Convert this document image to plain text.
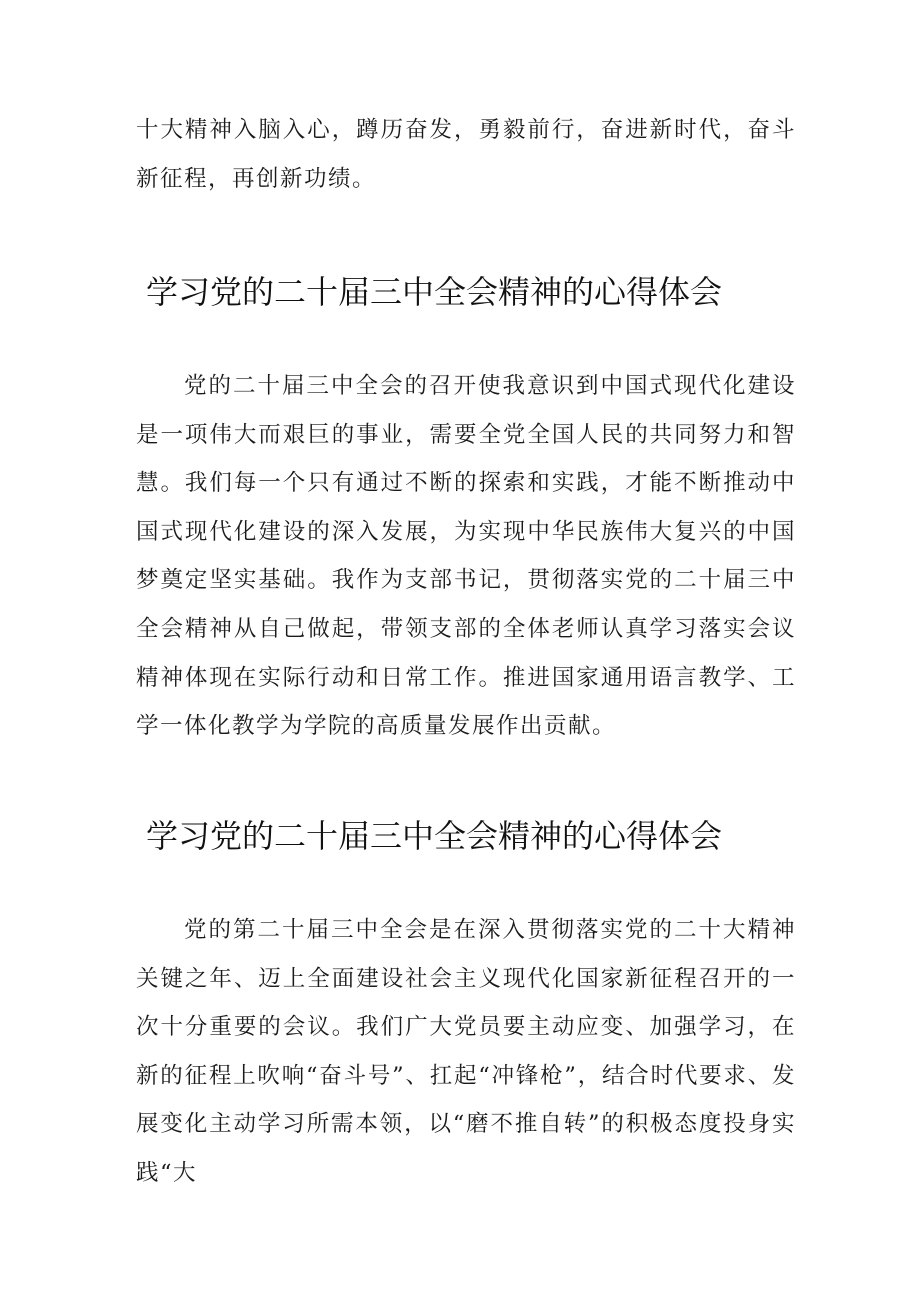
十大精神入脑入心，蹲历奋发，勇毅前行，奋进新时代，奋斗新征程，再创新功绩。

学习党的二十届三中全会精神的心得体会

党的二十届三中全会的召开使我意识到中国式现代化建设是一项伟大而艰巨的事业，需要全党全国人民的共同努力和智慧。我们每一个只有通过不断的探索和实践，才能不断推动中国式现代化建设的深入发展，为实现中华民族伟大复兴的中国梦奠定坚实基础。我作为支部书记，贯彻落实党的二十届三中全会精神从自己做起，带领支部的全体老师认真学习落实会议精神体现在实际行动和日常工作。推进国家通用语言教学、工学一体化教学为学院的高质量发展作出贡献。

学习党的二十届三中全会精神的心得体会

党的第二十届三中全会是在深入贯彻落实党的二十大精神关键之年、迈上全面建设社会主义现代化国家新征程召开的一次十分重要的会议。我们广大党员要主动应变、加强学习，在新的征程上吹响“奋斗号”、扛起“冲锋枪”，结合时代要求、发展变化主动学习所需本领，以“磨不推自转”的积极态度投身实践“大
